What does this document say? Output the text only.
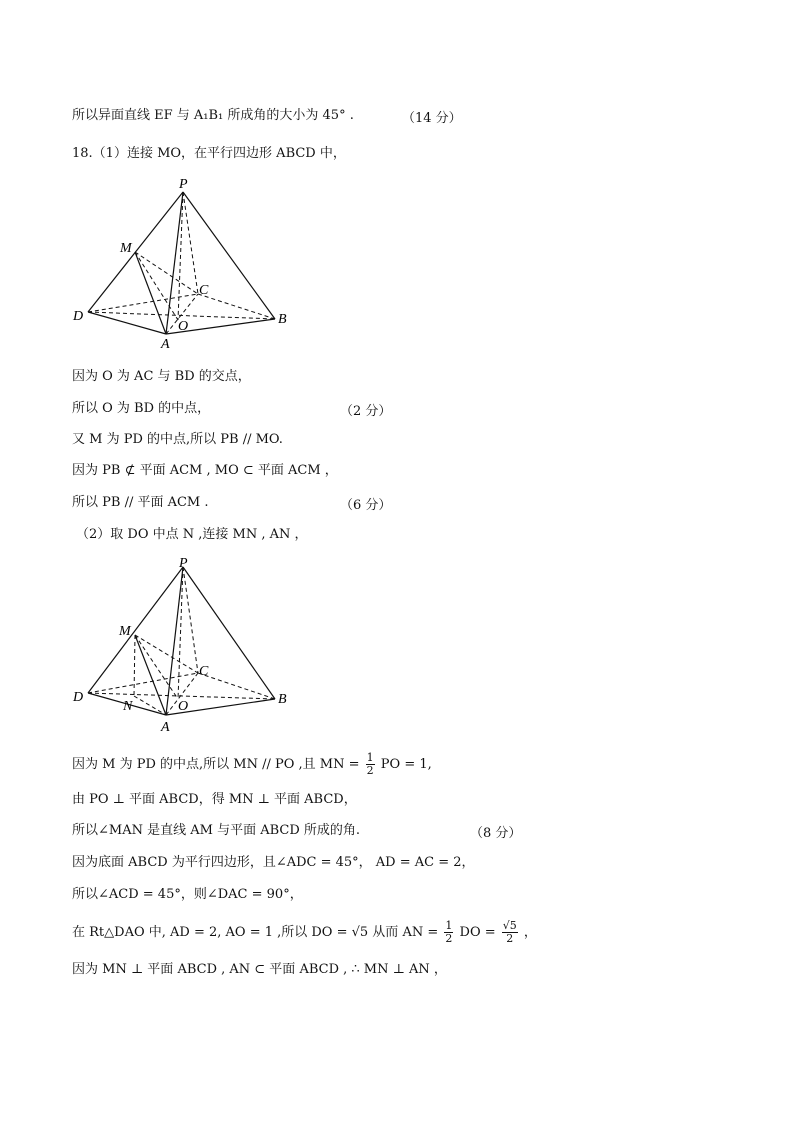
所以异面直线 EF 与 A₁B₁ 所成角的大小为 45° .	（14 分）
18.（1）连接 MO，在平行四边形 ABCD 中，
P
M
C
D
O	B
A
因为 O 为 AC 与 BD 的交点，
所以 O 为 BD 的中点，	（2 分）
又 M 为 PD 的中点,所以 PB // MO.
因为 PB ⊄ 平面 ACM , MO ⊂ 平面 ACM ，
所以 PB // 平面 ACM .	（6 分）
（2）取 DO 中点 N ,连接 MN , AN ，
P
M
C
D
N	O	B
A
因为 M 为 PD 的中点,所以 MN // PO ,且 MN = $\frac{1}{2}$ PO = 1,
由 PO ⊥ 平面 ABCD，得 MN ⊥ 平面 ABCD，
所以∠MAN 是直线 AM 与平面 ABCD 所成的角.	（8 分）
因为底面 ABCD 为平行四边形，且∠ADC = 45°， AD = AC = 2，
所以∠ACD = 45°，则∠DAC = 90°，
在 Rt△DAO 中, AD = 2, AO = 1 ,所以 DO = √5 从而 AN = $\frac{1}{2}$ DO = $\frac{√5}{2}$ ，
因为 MN ⊥ 平面 ABCD , AN ⊂ 平面 ABCD , ∴ MN ⊥ AN ，
